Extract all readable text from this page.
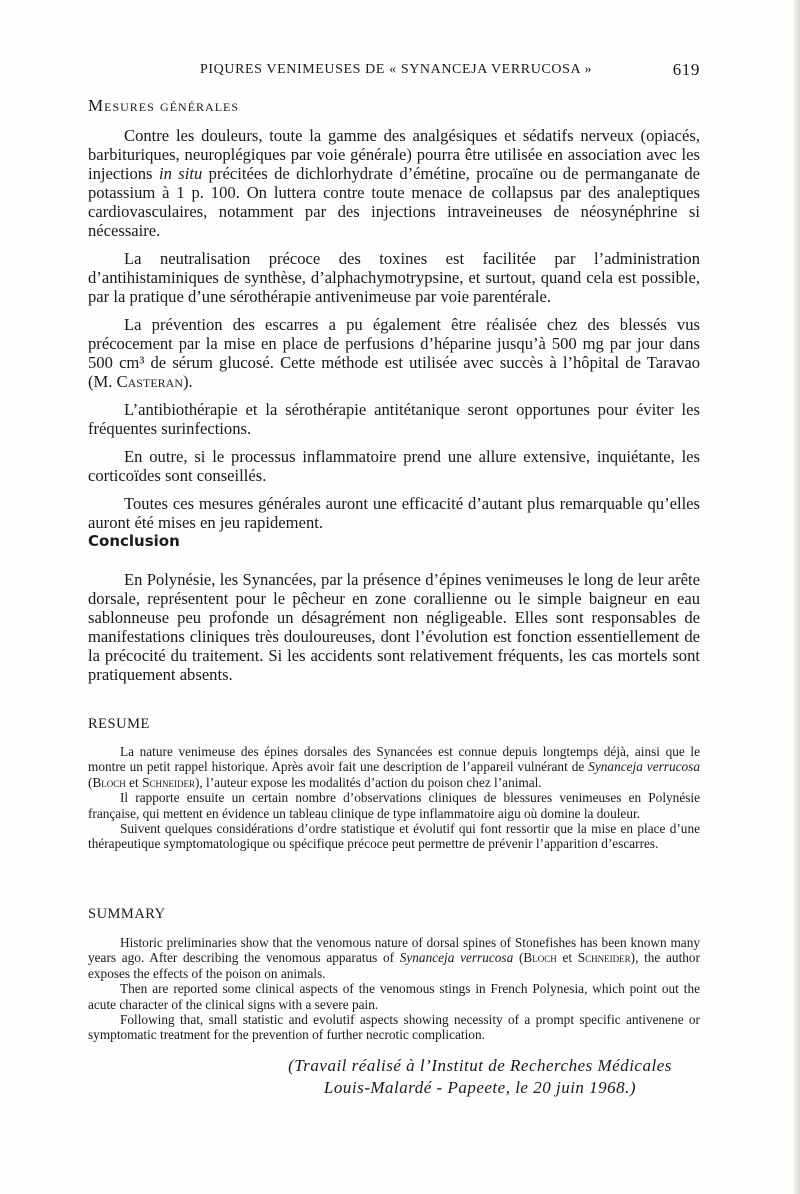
PIQURES VENIMEUSES DE « SYNANCEJA VERRUCOSA »	619
Mesures générales

Contre les douleurs, toute la gamme des analgésiques et sédatifs nerveux (opiacés, barbituriques, neuroplégiques par voie générale) pourra être utilisée en association avec les injections in situ précitées de dichlorhydrate d’émétine, procaïne ou de permanganate de potassium à 1 p. 100. On luttera contre toute menace de collapsus par des analeptiques cardiovasculaires, notamment par des injections intraveineuses de néosynéphrine si nécessaire.

La neutralisation précoce des toxines est facilitée par l’administration d’antihistaminiques de synthèse, d’alphachymotrypsine, et surtout, quand cela est possible, par la pratique d’une sérothérapie antivenimeuse par voie parentérale.

La prévention des escarres a pu également être réalisée chez des blessés vus précocement par la mise en place de perfusions d’héparine jusqu’à 500 mg par jour dans 500 cm³ de sérum glucosé. Cette méthode est utilisée avec succès à l’hôpital de Taravao (M. Casteran).

L’antibiothérapie et la sérothérapie antitétanique seront opportunes pour éviter les fréquentes surinfections.

En outre, si le processus inflammatoire prend une allure extensive, inquiétante, les corticoïdes sont conseillés.

Toutes ces mesures générales auront une efficacité d’autant plus remarquable qu’elles auront été mises en jeu rapidement.

Conclusion

En Polynésie, les Synancées, par la présence d’épines venimeuses le long de leur arête dorsale, représentent pour le pêcheur en zone corallienne ou le simple baigneur en eau sablonneuse peu profonde un désagrément non négligeable. Elles sont responsables de manifestations cliniques très douloureuses, dont l’évolution est fonction essentiellement de la précocité du traitement. Si les accidents sont relativement fréquents, les cas mortels sont pratiquement absents.

RESUME

La nature venimeuse des épines dorsales des Synancées est connue depuis longtemps déjà, ainsi que le montre un petit rappel historique. Après avoir fait une description de l’appareil vulnérant de Synanceja verrucosa (Bloch et Schneider), l’auteur expose les modalités d’action du poison chez l’animal.

Il rapporte ensuite un certain nombre d’observations cliniques de blessures venimeuses en Polynésie française, qui mettent en évidence un tableau clinique de type inflammatoire aigu où domine la douleur.

Suivent quelques considérations d’ordre statistique et évolutif qui font ressortir que la mise en place d’une thérapeutique symptomatologique ou spécifique précoce peut permettre de prévenir l’apparition d’escarres.

SUMMARY

Historic preliminaries show that the venomous nature of dorsal spines of Stonefishes has been known many years ago. After describing the venomous apparatus of Synanceja verrucosa (Bloch et Schneider), the author exposes the effects of the poison on animals.

Then are reported some clinical aspects of the venomous stings in French Polynesia, which point out the acute character of the clinical signs with a severe pain.

Following that, small statistic and evolutif aspects showing necessity of a prompt specific antivenene or symptomatic treatment for the prevention of further necrotic complication.

(Travail réalisé à l’Institut de Recherches Médicales
Louis-Malardé - Papeete, le 20 juin 1968.)
